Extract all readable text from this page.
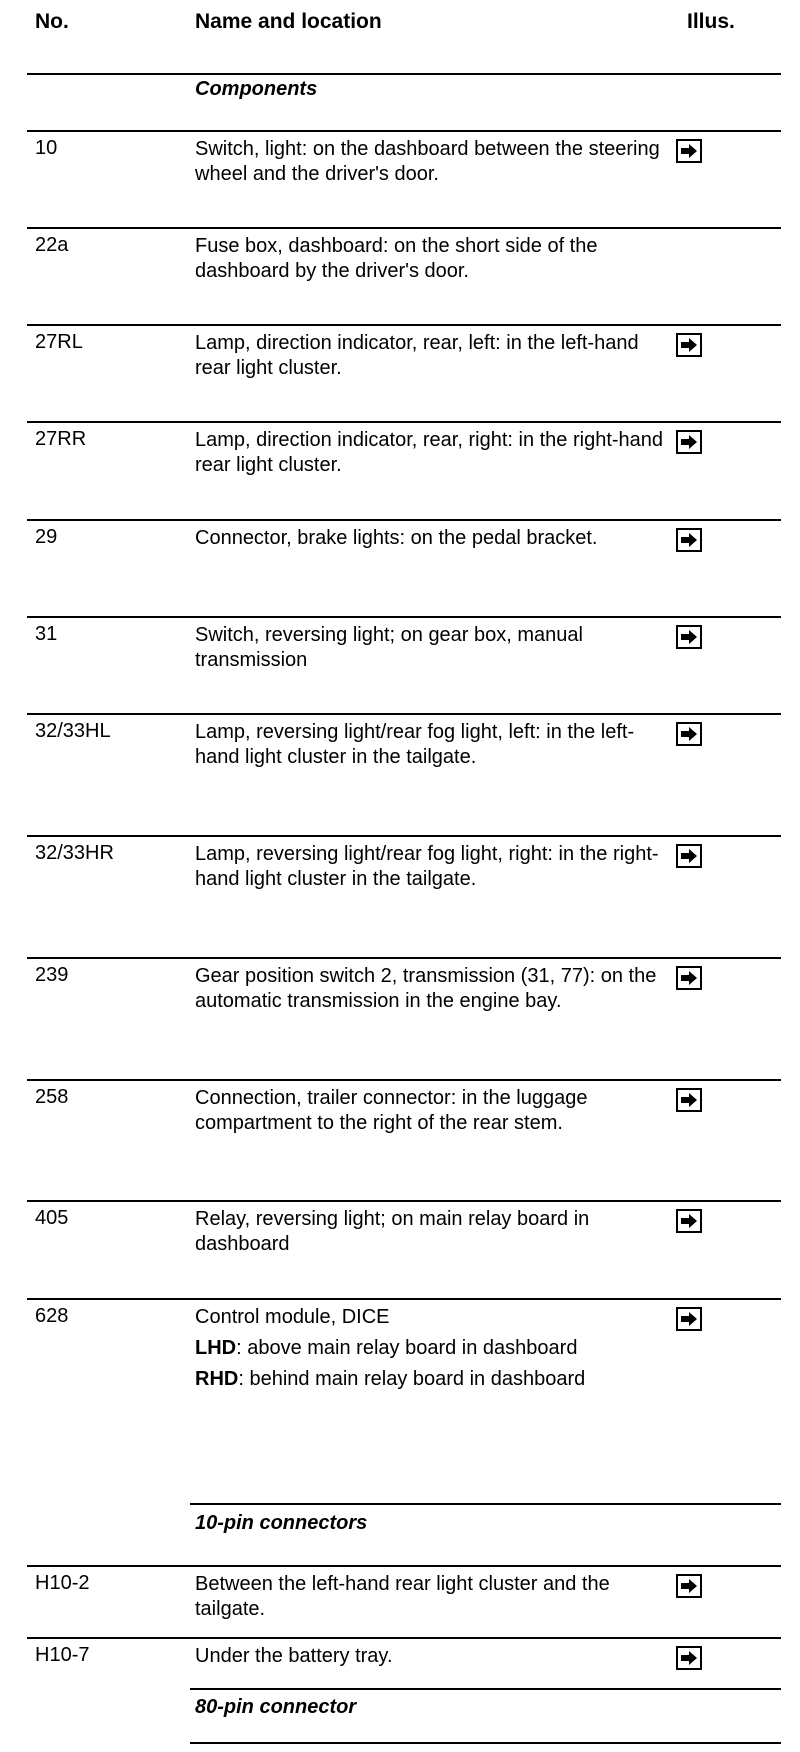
No.	Name and location	Illus.
Components
10	Switch, light: on the dashboard between the steering wheel and the driver's door.
22a	Fuse box, dashboard: on the short side of the dashboard by the driver's door.
27RL	Lamp, direction indicator, rear, left: in the left-hand rear light cluster.
27RR	Lamp, direction indicator, rear, right: in the right-hand rear light cluster.
29	Connector, brake lights: on the pedal bracket.
31	Switch, reversing light; on gear box, manual transmission
32/33HL	Lamp, reversing light/rear fog light, left: in the left-hand light cluster in the tailgate.
32/33HR	Lamp, reversing light/rear fog light, right: in the right-hand light cluster in the tailgate.
239	Gear position switch 2, transmission (31, 77): on the automatic transmission in the engine bay.
258	Connection, trailer connector: in the luggage compartment to the right of the rear stem.
405	Relay, reversing light; on main relay board in dashboard
628	Control module, DICE

LHD: above main relay board in dashboard

RHD: behind main relay board in dashboard

10-pin connectors
H10-2	Between the left-hand rear light cluster and the tailgate.
H10-7	Under the battery tray.
80-pin connector
